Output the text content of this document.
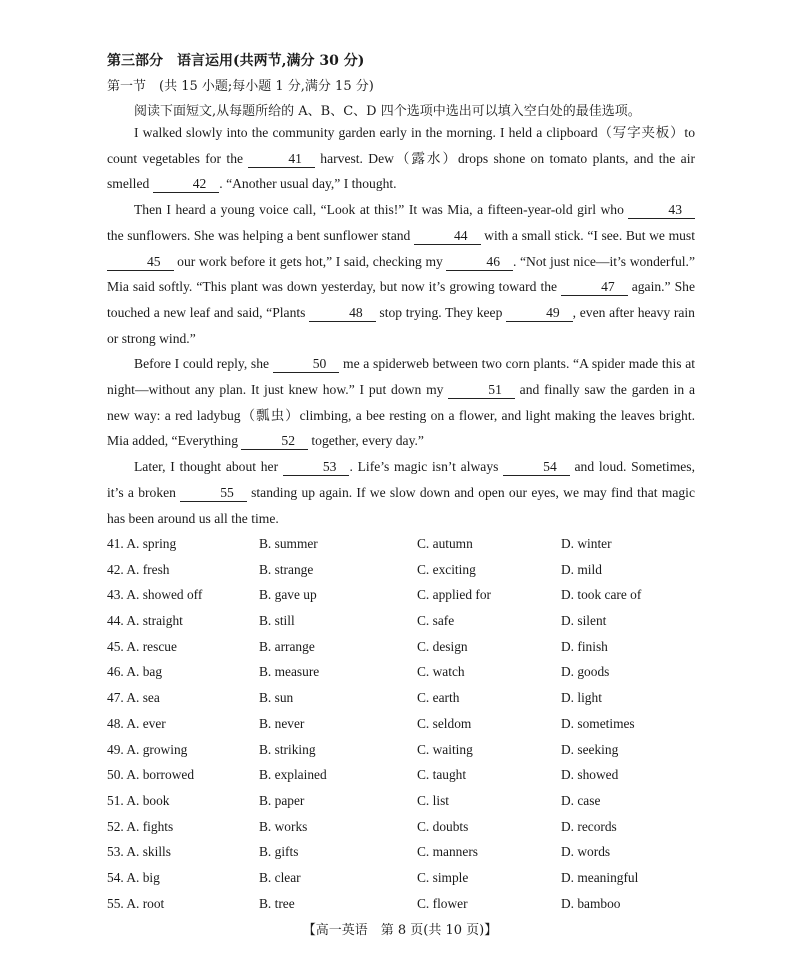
第三部分　语言运用(共两节,满分 30 分)
第一节　(共 15 小题;每小题 1 分,满分 15 分)
阅读下面短文,从每题所给的 A、B、C、D 四个选项中选出可以填入空白处的最佳选项。

I walked slowly into the community garden early in the morning. I held a clipboard（写字夹板）to count vegetables for the	41 harvest. Dew（露水）drops shone on tomato plants, and the air smelled	42 . “Another usual day,” I thought.

Then I heard a young voice call, “Look at this!” It was Mia, a fifteen-year-old girl who	43 the sunflowers. She was helping a bent sunflower stand	44 with a small stick. “I see. But we must 45 our work before it gets hot,” I said, checking my	46 . “Not just nice—it’s wonderful.” Mia said softly. “This plant was down yesterday, but now it’s growing toward the	47 again.” She touched a new leaf and said, “Plants	48 stop trying. They keep	49 , even after heavy rain or strong wind.”

Before I could reply, she	50 me a spiderweb between two corn plants. “A spider made this at night—without any plan. It just knew how.” I put down my	51 and finally saw the garden in a new way: a red ladybug（瓢虫）climbing, a bee resting on a flower, and light making the leaves bright. Mia added, “Everything	52 together, every day.”

Later, I thought about her	53 . Life’s magic isn’t always	54 and loud. Sometimes, it’s a broken	55 standing up again. If we slow down and open our eyes, we may find that magic has been around us all the time.

41. A. spring	B. summer	C. autumn	D. winter
42. A. fresh	B. strange	C. exciting	D. mild
43. A. showed off	B. gave up	C. applied for	D. took care of
44. A. straight	B. still	C. safe	D. silent
45. A. rescue	B. arrange	C. design	D. finish
46. A. bag	B. measure	C. watch	D. goods
47. A. sea	B. sun	C. earth	D. light
48. A. ever	B. never	C. seldom	D. sometimes
49. A. growing	B. striking	C. waiting	D. seeking
50. A. borrowed	B. explained	C. taught	D. showed
51. A. book	B. paper	C. list	D. case
52. A. fights	B. works	C. doubts	D. records
53. A. skills	B. gifts	C. manners	D. words
54. A. big	B. clear	C. simple	D. meaningful
55. A. root	B. tree	C. flower	D. bamboo
【高一英语　第 8 页(共 10 页)】
